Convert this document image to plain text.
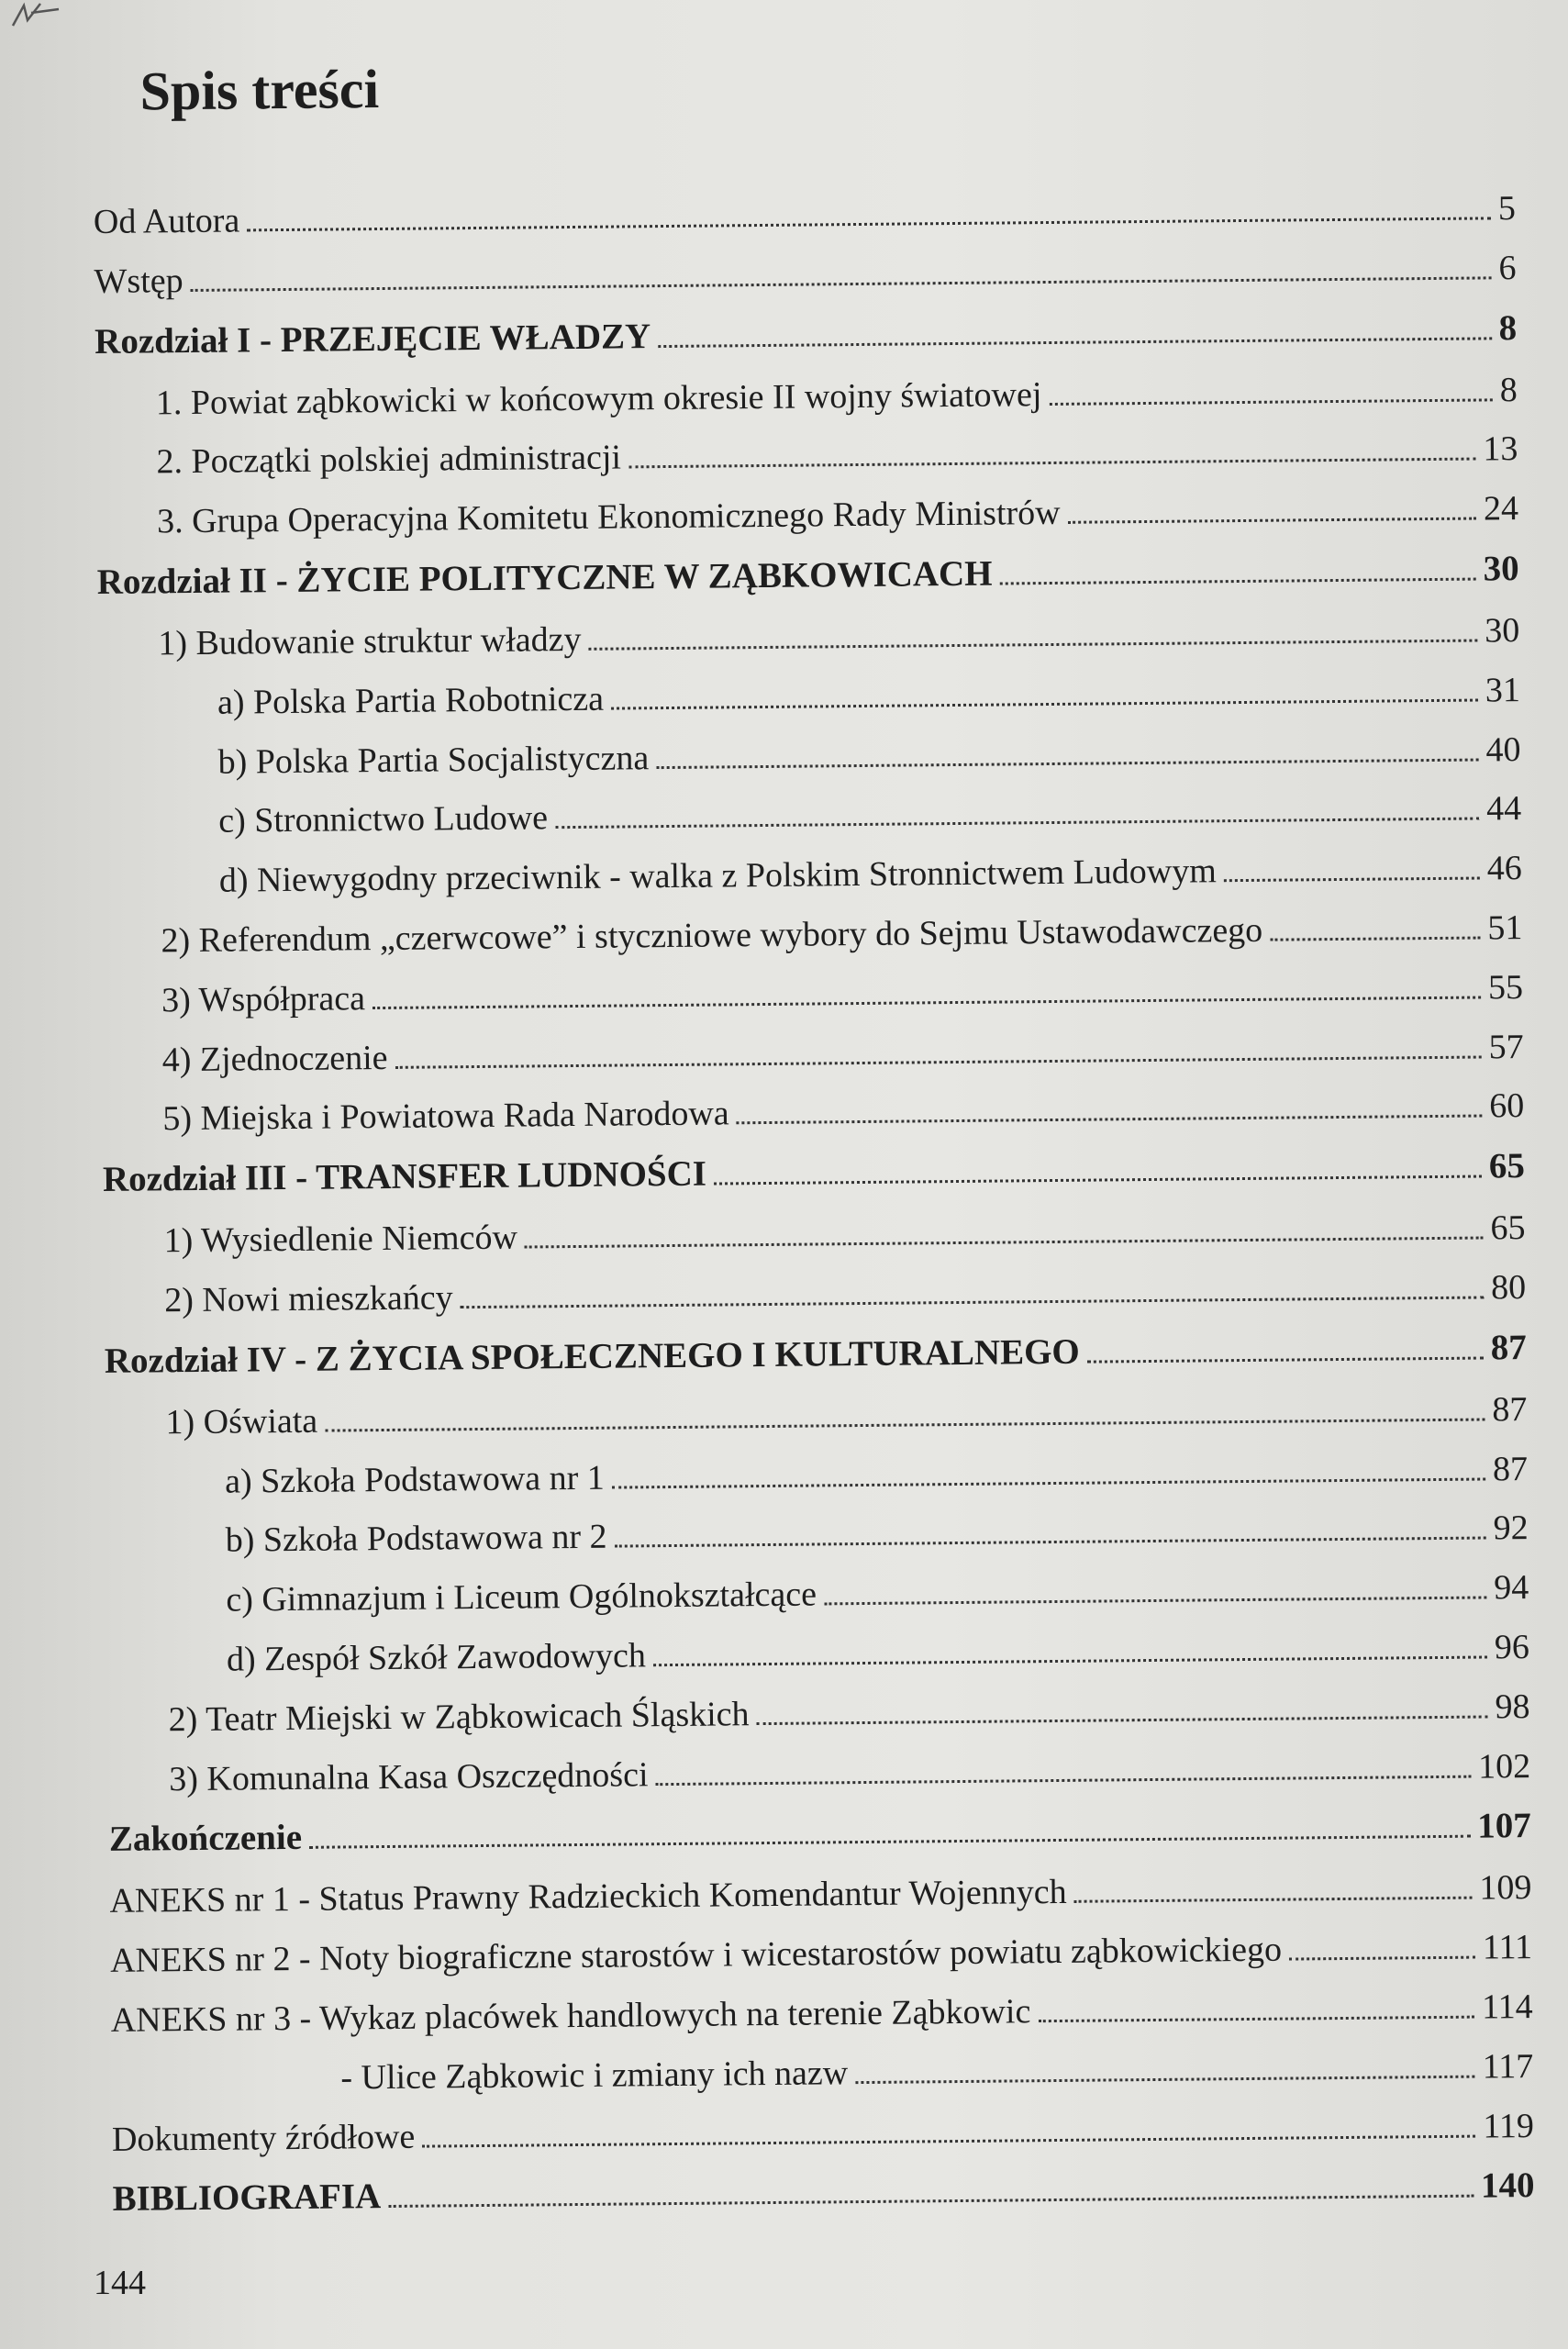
Spis treści
Od Autora	5
Wstęp	6
Rozdział I - PRZEJĘCIE WŁADZY	8
1. Powiat ząbkowicki w końcowym okresie II wojny światowej	8
2. Początki polskiej administracji	13
3. Grupa Operacyjna Komitetu Ekonomicznego Rady Ministrów	24
Rozdział II - ŻYCIE POLITYCZNE W ZĄBKOWICACH	30
1) Budowanie struktur władzy	30
a) Polska Partia Robotnicza	31
b) Polska Partia Socjalistyczna	40
c) Stronnictwo Ludowe	44
d) Niewygodny przeciwnik - walka z Polskim Stronnictwem Ludowym	46
2) Referendum „czerwcowe” i styczniowe wybory do Sejmu Ustawodawczego	51
3) Współpraca	55
4) Zjednoczenie	57
5) Miejska i Powiatowa Rada Narodowa	60
Rozdział III - TRANSFER LUDNOŚCI	65
1) Wysiedlenie Niemców	65
2) Nowi mieszkańcy	80
Rozdział IV - Z ŻYCIA SPOŁECZNEGO I KULTURALNEGO	87
1) Oświata	87
a) Szkoła Podstawowa nr 1	87
b) Szkoła Podstawowa nr 2	92
c) Gimnazjum i Liceum Ogólnokształcące	94
d) Zespół Szkół Zawodowych	96
2) Teatr Miejski w Ząbkowicach Śląskich	98
3) Komunalna Kasa Oszczędności	102
Zakończenie	107
ANEKS nr 1 - Status Prawny Radzieckich Komendantur Wojennych	109
ANEKS nr 2 - Noty biograficzne starostów i wicestarostów powiatu ząbkowickiego	111
ANEKS nr 3 - Wykaz placówek handlowych na terenie Ząbkowic	114
- Ulice Ząbkowic i zmiany ich nazw	117
Dokumenty źródłowe	119
BIBLIOGRAFIA	140
144
